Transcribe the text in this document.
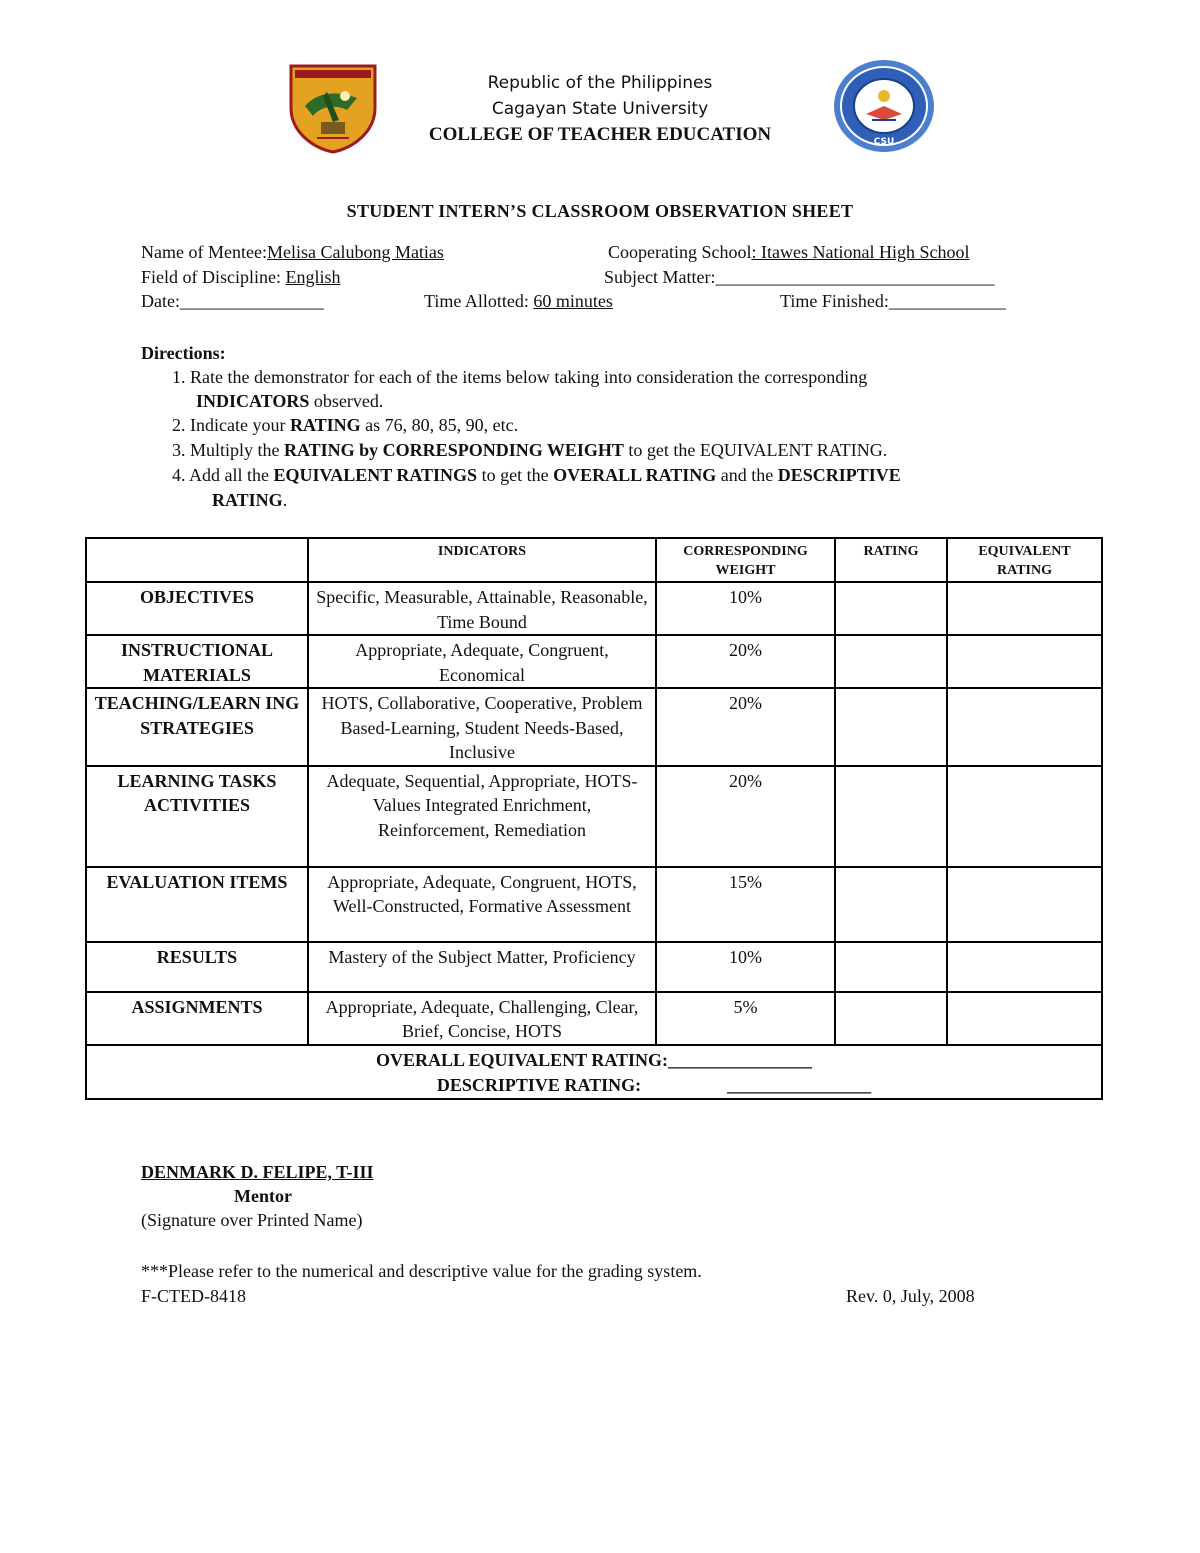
CSU
Republic of the Philippines
Cagayan State University
COLLEGE OF TEACHER EDUCATION
STUDENT INTERN’S CLASSROOM OBSERVATION SHEET
Name of Mentee:Melisa Calubong Matias	Cooperating School: Itawes National High School
Field of Discipline: English	Subject Matter:_______________________________
Date:________________	Time Allotted: 60 minutes	Time Finished:_____________
Directions:
1. Rate the demonstrator for each of the items below taking into consideration the corresponding
INDICATORS observed.
2. Indicate your RATING as 76, 80, 85, 90, etc.
3. Multiply the RATING by CORRESPONDING WEIGHT to get the EQUIVALENT RATING.
4. Add all the EQUIVALENT RATINGS to get the OVERALL RATING and the DESCRIPTIVE
RATING.
	INDICATORS	CORRESPONDING WEIGHT	RATING	EQUIVALENT RATING
OBJECTIVES	Specific, Measurable, Attainable, Reasonable, Time Bound	10%		
INSTRUCTIONAL MATERIALS	Appropriate, Adequate, Congruent, Economical	20%		
TEACHING/LEARN ING STRATEGIES	HOTS, Collaborative, Cooperative, Problem Based-Learning, Student Needs-Based, Inclusive	20%		
LEARNING TASKS ACTIVITIES	Adequate, Sequential, Appropriate, HOTS-Values Integrated Enrichment, Reinforcement, Remediation	20%		
EVALUATION ITEMS	Appropriate, Adequate, Congruent, HOTS, Well-Constructed, Formative Assessment	15%		
RESULTS	Mastery of the Subject Matter, Proficiency	10%		
ASSIGNMENTS	Appropriate, Adequate, Challenging, Clear, Brief, Concise, HOTS	5%		

OVERALL EQUIVALENT RATING:________________
DESCRIPTIVE RATING: ________________				
DENMARK D. FELIPE, T-III
Mentor
(Signature over Printed Name)
***Please refer to the numerical and descriptive value for the grading system.
F-CTED-8418	Rev. 0, July, 2008
